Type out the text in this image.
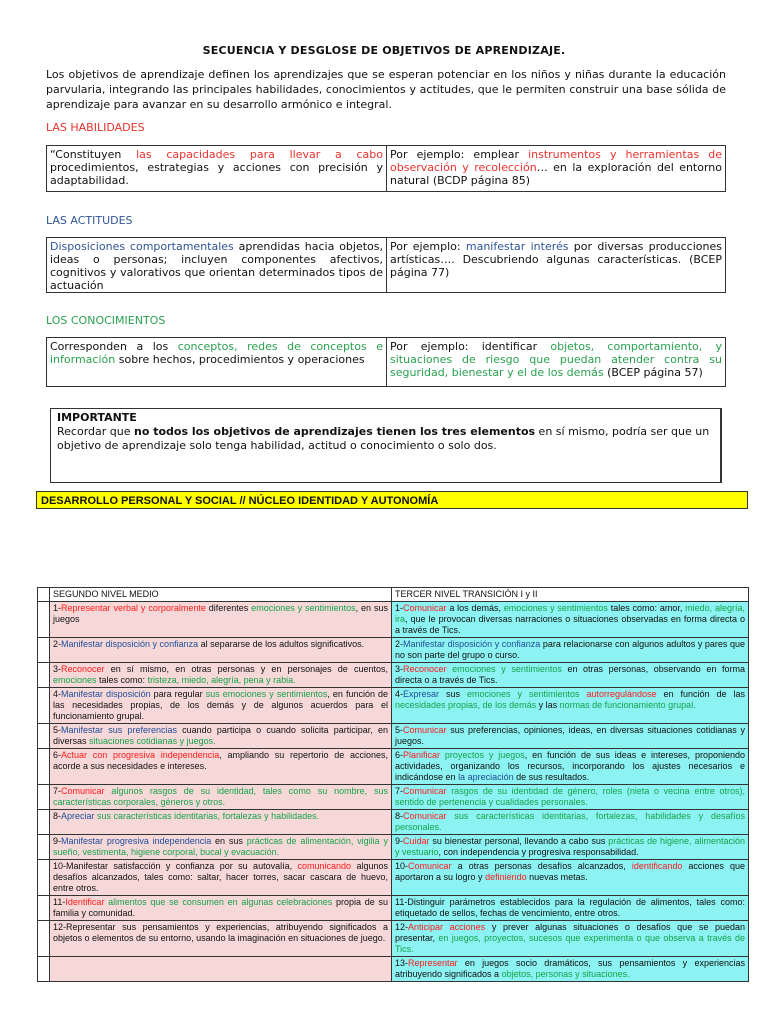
SECUENCIA Y DESGLOSE DE OBJETIVOS DE APRENDIZAJE.
Los objetivos de aprendizaje definen los aprendizajes que se esperan potenciar en los niños y niñas durante la educación parvularia, integrando las principales habilidades, conocimientos y actitudes, que le permiten construir una base sólida de aprendizaje para avanzar en su desarrollo armónico e integral.
LAS HABILIDADES
“Constituyen las capacidades para llevar a cabo procedimientos, estrategias y acciones con precisión y adaptabilidad.
Por ejemplo: emplear instrumentos y herramientas de observación y recolección… en la exploración del entorno natural (BCDP página 85)
LAS ACTITUDES
Disposiciones comportamentales aprendidas hacia objetos, ideas o personas; incluyen componentes afectivos, cognitivos y valorativos que orientan determinados tipos de actuación
Por ejemplo: manifestar interés por diversas producciones artísticas…. Descubriendo algunas características. (BCEP página 77)
LOS CONOCIMIENTOS
Corresponden a los conceptos, redes de conceptos e información sobre hechos, procedimientos y operaciones
Por ejemplo: identificar objetos, comportamiento, y situaciones de riesgo que puedan atender contra su seguridad, bienestar y el de los demás (BCEP página 57)
IMPORTANTE
Recordar que no todos los objetivos de aprendizajes tienen los tres elementos en sí mismo, podría ser que un objetivo de aprendizaje solo tenga habilidad, actitud o conocimiento o solo dos.
DESARROLLO PERSONAL Y SOCIAL // NÚCLEO IDENTIDAD Y AUTONOMÍA
	SEGUNDO NIVEL MEDIO	TERCER NIVEL TRANSICIÓN I y II
	1-Representar verbal y corporalmente diferentes emociones y sentimientos, en sus juegos	1-Comunicar a los demás, emociones y sentimientos tales como: amor, miedo, alegría, ira, que le provocan diversas narraciones o situaciones observadas en forma directa o a través de Tics.
	2-Manifestar disposición y confianza al separarse de los adultos significativos.	2-Manifestar disposición y confianza para relacionarse con algunos adultos y pares que no son parte del grupo o curso.
	3-Reconocer en sí mismo, en otras personas y en personajes de cuentos, emociones tales como: tristeza, miedo, alegría, pena y rabia.	3-Reconocer emociones y sentimientos en otras personas, observando en forma directa o a través de Tics.
	4-Manifestar disposición para regular sus emociones y sentimientos, en función de las necesidades propias, de los demás y de algunos acuerdos para el funcionamiento grupal.	4-Expresar sus emociones y sentimientos autorregulándose en función de las necesidades propias, de los demás y las normas de funcionamiento grupal.
	5-Manifestar sus preferencias cuando participa o cuando solicita participar, en diversas situaciones cotidianas y juegos.	5-Comunicar sus preferencias, opiniones, ideas, en diversas situaciones cotidianas y juegos.
	6-Actuar con progresiva independencia, ampliando su repertorio de acciones, acorde a sus necesidades e intereses.	6-Planificar proyectos y juegos, en función de sus ideas e intereses, proponiendo actividades, organizando los recursos, incorporando los ajustes necesarios e indicándose en la apreciación de sus resultados.
	7-Comunicar algunos rasgos de su identidad, tales como su nombre, sus características corporales, géneros y otros.	7-Comunicar rasgos de su identidad de género, roles (nieta o vecina entre otros), sentido de pertenencia y cualidades personales.
	8-Apreciar sus características identitarias, fortalezas y habilidades.	8-Comunicar sus características identitarias, fortalezas, habilidades y desafíos personales.
	9-Manifestar progresiva independencia en sus prácticas de alimentación, vigilia y sueño, vestimenta, higiene corporal, bucal y evacuación.	9-Cuidar su bienestar personal, llevando a cabo sus prácticas de higiene, alimentación y vestuario, con independencia y progresiva responsabilidad.
	10-Manifestar satisfacción y confianza por su autovalía, comunicando algunos desafíos alcanzados, tales como: saltar, hacer torres, sacar cascara de huevo, entre otros.	10-Comunicar a otras personas desafíos alcanzados, identificando acciones que aportaron a su logro y definiendo nuevas metas.
	11-Identificar alimentos que se consumen en algunas celebraciones propia de su familia y comunidad.	11-Distinguir parámetros establecidos para la regulación de alimentos, tales como: etiquetado de sellos, fechas de vencimiento, entre otros.
	12-Representar sus pensamientos y experiencias, atribuyendo significados a objetos o elementos de su entorno, usando la imaginación en situaciones de juego.	12-Anticipar acciones y prever algunas situaciones o desafíos que se puedan presentar, en juegos, proyectos, sucesos que experimenta o que observa a través de Tics.
		13-Representar en juegos socio dramáticos, sus pensamientos y experiencias atribuyendo significados a objetos, personas y situaciones.
